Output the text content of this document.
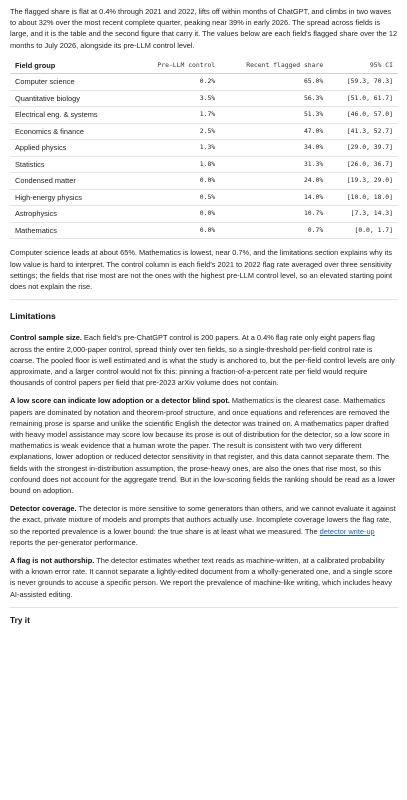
The flagged share is flat at 0.4% through 2021 and 2022, lifts off within months of ChatGPT, and climbs in two waves to about 32% over the most recent complete quarter, peaking near 39% in early 2026. The spread across fields is large, and it is the table and the second figure that carry it. The values below are each field's flagged share over the 12 months to July 2026, alongside its pre-LLM control level.

Field group	Pre-LLM control	Recent flagged share	95% CI
Computer science	0.2%	65.0%	[59.3, 70.3]
Quantitative biology	3.5%	56.3%	[51.0, 61.7]
Electrical eng. & systems	1.7%	51.3%	[46.0, 57.0]
Economics & finance	2.5%	47.0%	[41.3, 52.7]
Applied physics	1.3%	34.0%	[29.0, 39.7]
Statistics	1.8%	31.3%	[26.0, 36.7]
Condensed matter	0.0%	24.0%	[19.3, 29.0]
High-energy physics	0.5%	14.0%	[10.0, 18.0]
Astrophysics	0.0%	10.7%	[7.3, 14.3]
Mathematics	0.0%	0.7%	[0.0, 1.7]

Computer science leads at about 65%. Mathematics is lowest, near 0.7%, and the limitations section explains why its low value is hard to interpret. The control column is each field's 2021 to 2022 flag rate averaged over three sensitivity settings; the fields that rise most are not the ones with the highest pre-LLM control level, so an elevated starting point does not explain the rise.

Limitations

Control sample size. Each field's pre-ChatGPT control is 200 papers. At a 0.4% flag rate only eight papers flag across the entire 2,000-paper control, spread thinly over ten fields, so a single-threshold per-field control rate is coarse. The pooled floor is well estimated and is what the study is anchored to, but the per-field control levels are only approximate, and a larger control would not fix this: pinning a fraction-of-a-percent rate per field would require thousands of control papers per field that pre-2023 arXiv volume does not contain.

A low score can indicate low adoption or a detector blind spot. Mathematics is the clearest case. Mathematics papers are dominated by notation and theorem-proof structure, and once equations and references are removed the remaining prose is sparse and unlike the scientific English the detector was trained on. A mathematics paper drafted with heavy model assistance may score low because its prose is out of distribution for the detector, so a low score in mathematics is weak evidence that a human wrote the paper. The result is consistent with two very different explanations, lower adoption or reduced detector sensitivity in that register, and this data cannot separate them. The fields with the strongest in-distribution assumption, the prose-heavy ones, are also the ones that rise most, so this confound does not account for the aggregate trend. But in the low-scoring fields the ranking should be read as a lower bound on adoption.

Detector coverage. The detector is more sensitive to some generators than others, and we cannot evaluate it against the exact, private mixture of models and prompts that authors actually use. Incomplete coverage lowers the flag rate, so the reported prevalence is a lower bound: the true share is at least what we measured. The detector write-up reports the per-generator performance.

A flag is not authorship. The detector estimates whether text reads as machine-written, at a calibrated probability with a known error rate. It cannot separate a lightly-edited document from a wholly-generated one, and a single score is never grounds to accuse a specific person. We report the prevalence of machine-like writing, which includes heavy AI-assisted editing.

Try it
